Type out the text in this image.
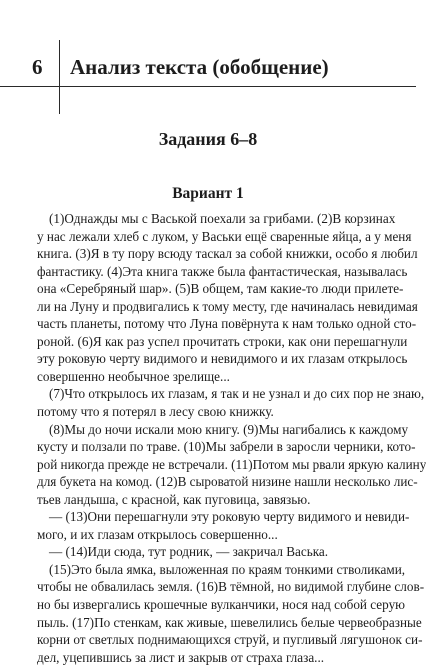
6 Анализ текста (обобщение)
Задания 6–8
Вариант 1
(1)Однажды мы с Васькой поехали за грибами. (2)В корзинах
у нас лежали хлеб с луком, у Васьки ещё сваренные яйца, а у меня
книга. (3)Я в ту пору всюду таскал за собой книжки, особо я любил
фантастику. (4)Эта книга также была фантастическая, называлась
она «Серебряный шар». (5)В общем, там какие-то люди прилете-
ли на Луну и продвигались к тому месту, где начиналась невидимая
часть планеты, потому что Луна повёрнута к нам только одной сто-
роной. (6)Я как раз успел прочитать строки, как они перешагнули
эту роковую черту видимого и невидимого и их глазам открылось
совершенно необычное зрелище...
(7)Что открылось их глазам, я так и не узнал и до сих пор не знаю,
потому что я потерял в лесу свою книжку.
(8)Мы до ночи искали мою книгу. (9)Мы нагибались к каждому
кусту и ползали по траве. (10)Мы забрели в заросли черники, кото-
рой никогда прежде не встречали. (11)Потом мы рвали яркую калину
для букета на комод. (12)В сыроватой низине нашли несколько лис-
тьев ландыша, с красной, как пуговица, завязью.
— (13)Они перешагнули эту роковую черту видимого и невиди-
мого, и их глазам открылось совершенно...
— (14)Иди сюда, тут родник, — закричал Васька.
(15)Это была ямка, выложенная по краям тонкими стволиками,
чтобы не обвалилась земля. (16)В тёмной, но видимой глубине слов-
но бы извергались крошечные вулканчики, нося над собой серую
пыль. (17)По стенкам, как живые, шевелились белые червеобразные
корни от светлых поднимающихся струй, и пугливый лягушонок си-
дел, уцепившись за лист и закрыв от страха глаза...
